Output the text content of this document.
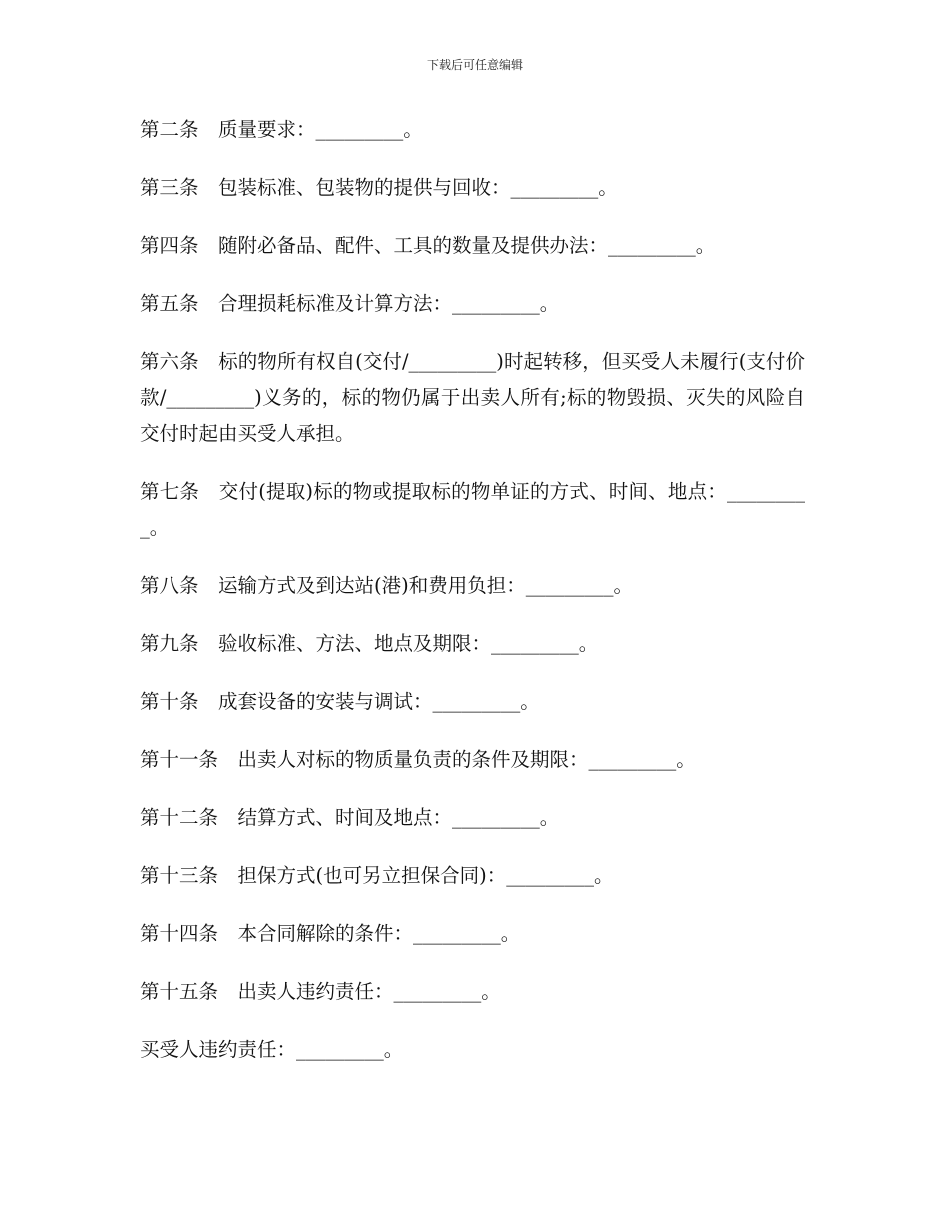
下载后可任意编辑

第二条　质量要求：_________。

第三条　包装标准、包装物的提供与回收：_________。

第四条　随附必备品、配件、工具的数量及提供办法：_________。

第五条　合理损耗标准及计算方法：_________。

第六条　标的物所有权自(交付/_________)时起转移，但买受人未履行(支付价款/_________)义务的，标的物仍属于出卖人所有;标的物毁损、灭失的风险自交付时起由买受人承担。

第七条　交付(提取)标的物或提取标的物单证的方式、时间、地点：_________。

第八条　运输方式及到达站(港)和费用负担：_________。

第九条　验收标准、方法、地点及期限：_________。

第十条　成套设备的安装与调试：_________。

第十一条　出卖人对标的物质量负责的条件及期限：_________。

第十二条　结算方式、时间及地点：_________。

第十三条　担保方式(也可另立担保合同)：_________。

第十四条　本合同解除的条件：_________。

第十五条　出卖人违约责任：_________。

买受人违约责任：_________。
